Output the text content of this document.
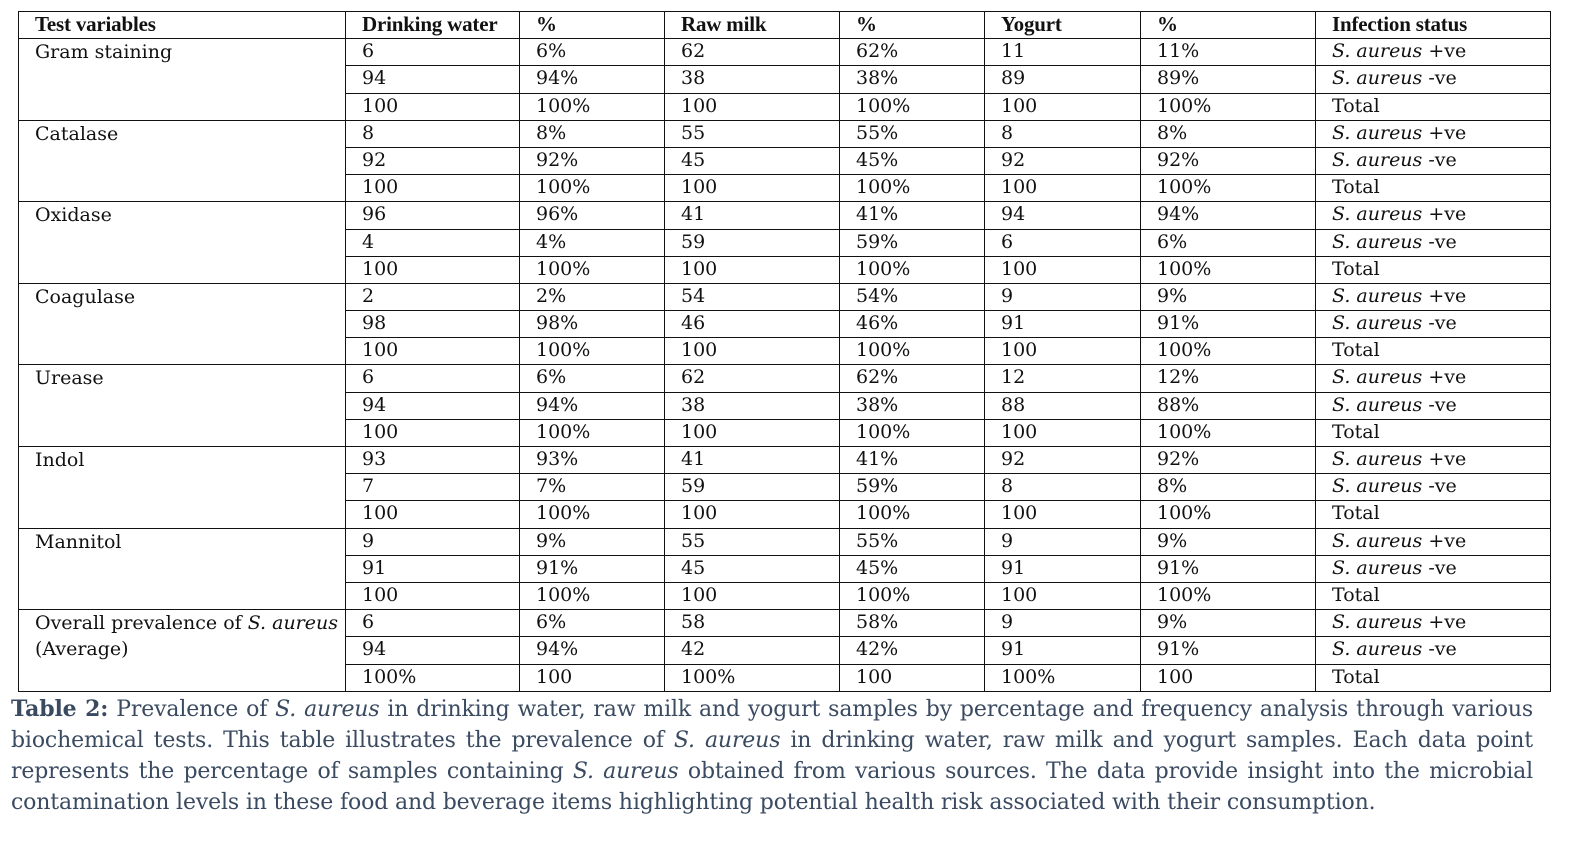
Test variables	Drinking water	%	Raw milk	%	Yogurt	%	Infection status
Gram staining	6	6%	62	62%	11	11%	S. aureus +ve
	94	94%	38	38%	89	89%	S. aureus -ve
	100	100%	100	100%	100	100%	Total
Catalase	8	8%	55	55%	8	8%	S. aureus +ve
	92	92%	45	45%	92	92%	S. aureus -ve
	100	100%	100	100%	100	100%	Total
Oxidase	96	96%	41	41%	94	94%	S. aureus +ve
	4	4%	59	59%	6	6%	S. aureus -ve
	100	100%	100	100%	100	100%	Total
Coagulase	2	2%	54	54%	9	9%	S. aureus +ve
	98	98%	46	46%	91	91%	S. aureus -ve
	100	100%	100	100%	100	100%	Total
Urease	6	6%	62	62%	12	12%	S. aureus +ve
	94	94%	38	38%	88	88%	S. aureus -ve
	100	100%	100	100%	100	100%	Total
Indol	93	93%	41	41%	92	92%	S. aureus +ve
	7	7%	59	59%	8	8%	S. aureus -ve
	100	100%	100	100%	100	100%	Total
Mannitol	9	9%	55	55%	9	9%	S. aureus +ve
	91	91%	45	45%	91	91%	S. aureus -ve
	100	100%	100	100%	100	100%	Total
Overall prevalence of S. aureus
(Average)	6	6%	58	58%	9	9%	S. aureus +ve
	94	94%	42	42%	91	91%	S. aureus -ve
	100%	100	100%	100	100%	100	Total
Table 2: Prevalence of S. aureus in drinking water, raw milk and yogurt samples by percentage and frequency analysis through various biochemical tests. This table illustrates the prevalence of S. aureus in drinking water, raw milk and yogurt samples. Each data point represents the percentage of samples containing S. aureus obtained from various sources. The data provide insight into the microbial contamination levels in these food and beverage items highlighting potential health risk associated with their consumption.
